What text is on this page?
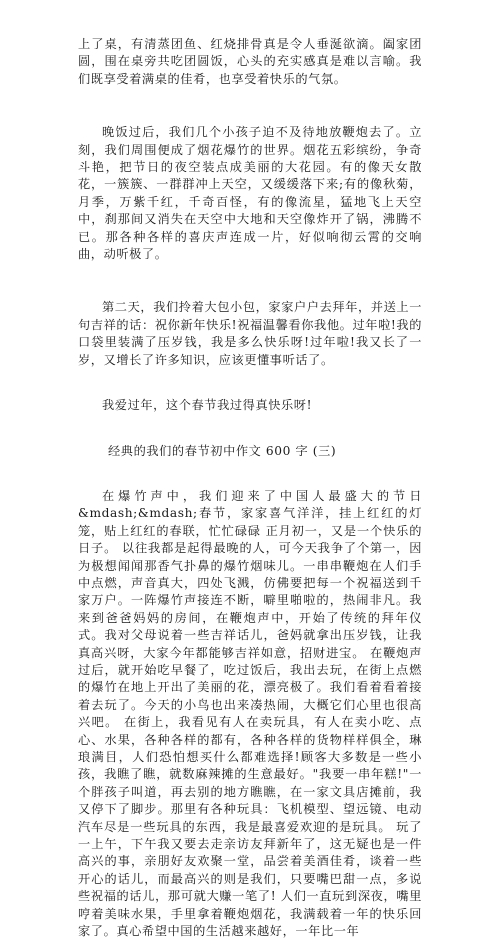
上了桌，有清蒸团鱼、红烧排骨真是令人垂涎欲滴。阖家团圆，围在桌旁共吃团圆饭，心头的充实感真是难以言喻。我们既享受着满桌的佳肴，也享受着快乐的气氛。

晚饭过后，我们几个小孩子迫不及待地放鞭炮去了。立刻，我们周围便成了烟花爆竹的世界。烟花五彩缤纷，争奇斗艳，把节日的夜空装点成美丽的大花园。有的像天女散花，一簇簇、一群群冲上天空，又缓缓落下来;有的像秋菊，月季，万紫千红，千奇百怪，有的像流星，猛地飞上天空中，刹那间又消失在天空中大地和天空像炸开了锅，沸腾不已。那各种各样的喜庆声连成一片，好似响彻云霄的交响曲，动听极了。

第二天，我们拎着大包小包，家家户户去拜年，并送上一句吉祥的话：祝你新年快乐!祝福温馨看你我他。过年啦!我的口袋里装满了压岁钱，我是多么快乐呀!过年啦!我又长了一岁，又增长了许多知识，应该更懂事听话了。

我爱过年，这个春节我过得真快乐呀!

经典的我们的春节初中作文 600 字 (三)

在爆竹声中，我们迎来了中国人最盛大的节日&mdash;&mdash;春节，家家喜气洋洋，挂上红红的灯笼，贴上红红的春联，忙忙碌碌 正月初一，又是一个快乐的日子。 以往我都是起得最晚的人，可今天我争了个第一，因为极想闻闻那香气扑鼻的爆竹烟味儿。一串串鞭炮在人们手中点燃，声音真大，四处飞溅，仿佛要把每一个祝福送到千家万户。一阵爆竹声接连不断，噼里啪啦的，热闹非凡。我来到爸爸妈妈的房间，在鞭炮声中，开始了传统的拜年仪式。我对父母说着一些吉祥话儿，爸妈就拿出压岁钱，让我真高兴呀，大家今年都能够吉祥如意，招财进宝。 在鞭炮声过后，就开始吃早餐了，吃过饭后，我出去玩，在街上点燃的爆竹在地上开出了美丽的花，漂亮极了。我们看着看着接着去玩了。今天的小鸟也出来凑热闹，大概它们心里也很高兴吧。 在街上，我看见有人在卖玩具，有人在卖小吃、点心、水果，各种各样的都有，各种各样的货物样样俱全，琳琅满目，人们恐怕想买什么都难选择!顾客大多数是一些小孩，我瞧了瞧，就数麻辣摊的生意最好。"我要一串年糕!"一个胖孩子叫道，再去别的地方瞧瞧，在一家文具店摊前，我又停下了脚步。那里有各种玩具：飞机模型、望远镜、电动汽车尽是一些玩具的东西，我是最喜爱欢迎的是玩具。 玩了一上午，下午我又要去走亲访友拜新年了，这无疑也是一件高兴的事，亲朋好友欢聚一堂，品尝着美酒佳肴，谈着一些开心的话儿，而最高兴的则是我们，只要嘴巴甜一点，多说些祝福的话儿，那可就大赚一笔了! 人们一直玩到深夜，嘴里哼着美味水果，手里拿着鞭炮烟花，我满载着一年的快乐回家了。真心希望中国的生活越来越好，一年比一年
